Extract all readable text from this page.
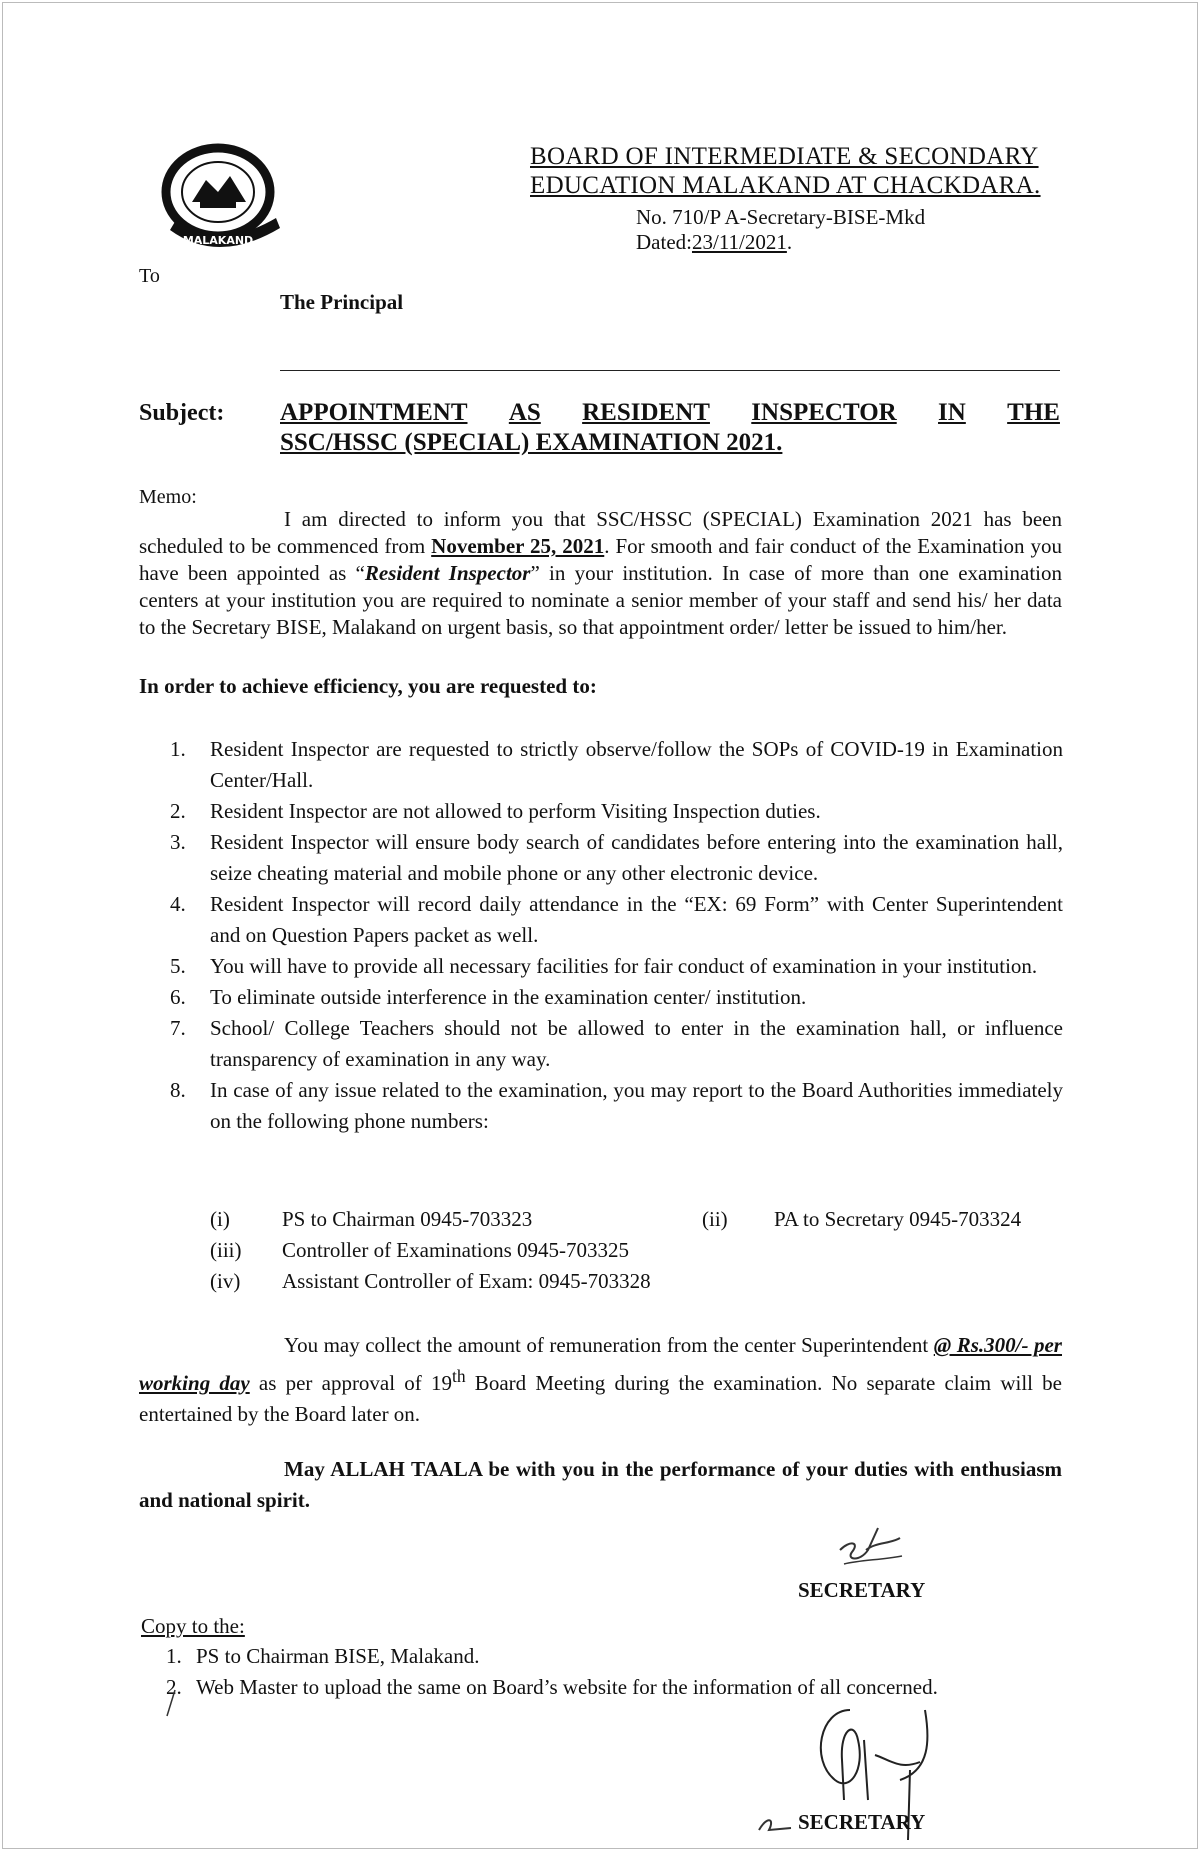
MALAKAND
BOARD OF INTERMEDIATE & SECONDARY
EDUCATION MALAKAND AT CHACKDARA.
No. 710/P A-Secretary-BISE-Mkd
Dated:23/11/2021.
To
The Principal
Subject: APPOINTMENT AS RESIDENT INSPECTOR IN THE
SSC/HSSC (SPECIAL) EXAMINATION 2021.
Memo:
I am directed to inform you that SSC/HSSC (SPECIAL) Examination 2021 has been scheduled to be commenced from November 25, 2021. For smooth and fair conduct of the Examination you have been appointed as “Resident Inspector” in your institution. In case of more than one examination centers at your institution you are required to nominate a senior member of your staff and send his/ her data to the Secretary BISE, Malakand on urgent basis, so that appointment order/ letter be issued to him/her.
In order to achieve efficiency, you are requested to:
1.	Resident Inspector are requested to strictly observe/follow the SOPs of COVID-19 in Examination Center/Hall.
2.	Resident Inspector are not allowed to perform Visiting Inspection duties.
3.	Resident Inspector will ensure body search of candidates before entering into the examination hall, seize cheating material and mobile phone or any other electronic device.
4.	Resident Inspector will record daily attendance in the “EX: 69 Form” with Center Superintendent and on Question Papers packet as well.
5.	You will have to provide all necessary facilities for fair conduct of examination in your institution.
6.	To eliminate outside interference in the examination center/ institution.
7.	School/ College Teachers should not be allowed to enter in the examination hall, or influence transparency of examination in any way.
8.	In case of any issue related to the examination, you may report to the Board Authorities immediately on the following phone numbers:
(i)	PS to Chairman 0945-703323	(ii)	PA to Secretary 0945-703324
(iii)	Controller of Examinations 0945-703325
(iv)	Assistant Controller of Exam: 0945-703328
You may collect the amount of remuneration from the center Superintendent @ Rs.300/- per working day as per approval of 19th Board Meeting during the examination. No separate claim will be entertained by the Board later on.
May ALLAH TAALA be with you in the performance of your duties with enthusiasm and national spirit.
SECRETARY
Copy to the:
1. PS to Chairman BISE, Malakand.
2. Web Master to upload the same on Board’s website for the information of all concerned.
SECRETARY
